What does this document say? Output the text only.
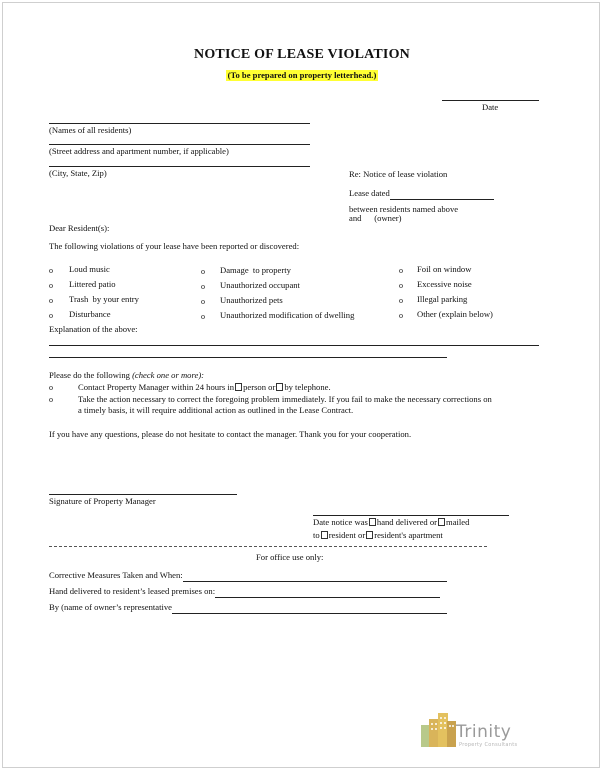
NOTICE OF LEASE VIOLATION
(To be prepared on property letterhead.)
Date
(Names of all residents)
(Street address and apartment number, if applicable)
(City, State, Zip)	Re: Notice of lease violation
Lease dated
between residents named above
and      (owner)
Dear Resident(s):
The following violations of your lease have been reported or discovered:
o Loud music
o Littered patio
o Trash  by your entry
o Disturbance
o Damage  to property
o Unauthorized occupant
o Unauthorized pets
o Unauthorized modification of dwelling
o Foil on window
o Excessive noise
o Illegal parking
o Other (explain below)
Explanation of the above:
Please do the following (check one or more):
o	Contact Property Manager within 24 hours in person or by telephone.
o	Take the action necessary to correct the foregoing problem immediately. If you fail to make the necessary corrections on
a timely basis, it will require additional action as outlined in the Lease Contract.
If you have any questions, please do not hesitate to contact the manager. Thank you for your cooperation.
Signature of Property Manager
Date notice was hand delivered or mailed
to resident or resident's apartment
For office use only:
Corrective Measures Taken and When:
Hand delivered to resident’s leased premises on:
By (name of owner’s representative
Trinity
Property Consultants
